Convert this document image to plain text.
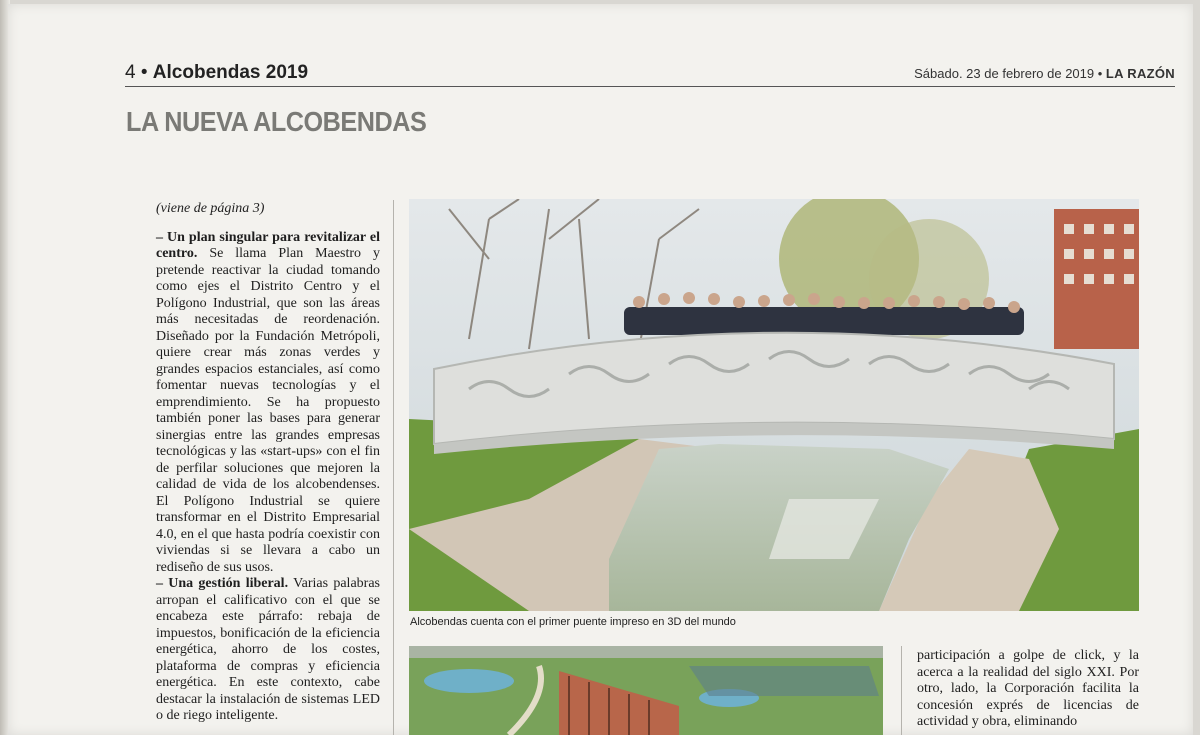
4 • Alcobendas 2019	Sábado. 23 de febrero de 2019 • LA RAZÓN
LA NUEVA ALCOBENDAS

(viene de página 3)

– Un plan singular para revitalizar el centro. Se llama Plan Maestro y pretende reactivar la ciudad tomando como ejes el Distrito Centro y el Polígono Industrial, que son las áreas más necesitadas de reordenación. Diseñado por la Fundación Metrópoli, quiere crear más zonas verdes y grandes espacios estanciales, así como fomentar nuevas tecnologías y el emprendimiento. Se ha propuesto también poner las bases para generar sinergias entre las grandes empresas tecnológicas y las «start-ups» con el fin de perfilar soluciones que mejoren la calidad de vida de los alcobendenses. El Polígono Industrial se quiere transformar en el Distrito Empresarial 4.0, en el que hasta podría coexistir con viviendas si se llevara a cabo un rediseño de sus usos.

– Una gestión liberal. Varias palabras arropan el calificativo con el que se encabeza este párrafo: rebaja de impuestos, bonificación de la eficiencia energética, ahorro de los costes, plataforma de compras y eficiencia energética. En este contexto, cabe destacar la instalación de sistemas LED o de riego inteligente.

Alcobendas cuenta con el primer puente impreso en 3D del mundo

participación a golpe de click, y la acerca a la realidad del siglo XXI. Por otro, lado, la Corporación facilita la concesión exprés de licencias de actividad y obra, eliminando
